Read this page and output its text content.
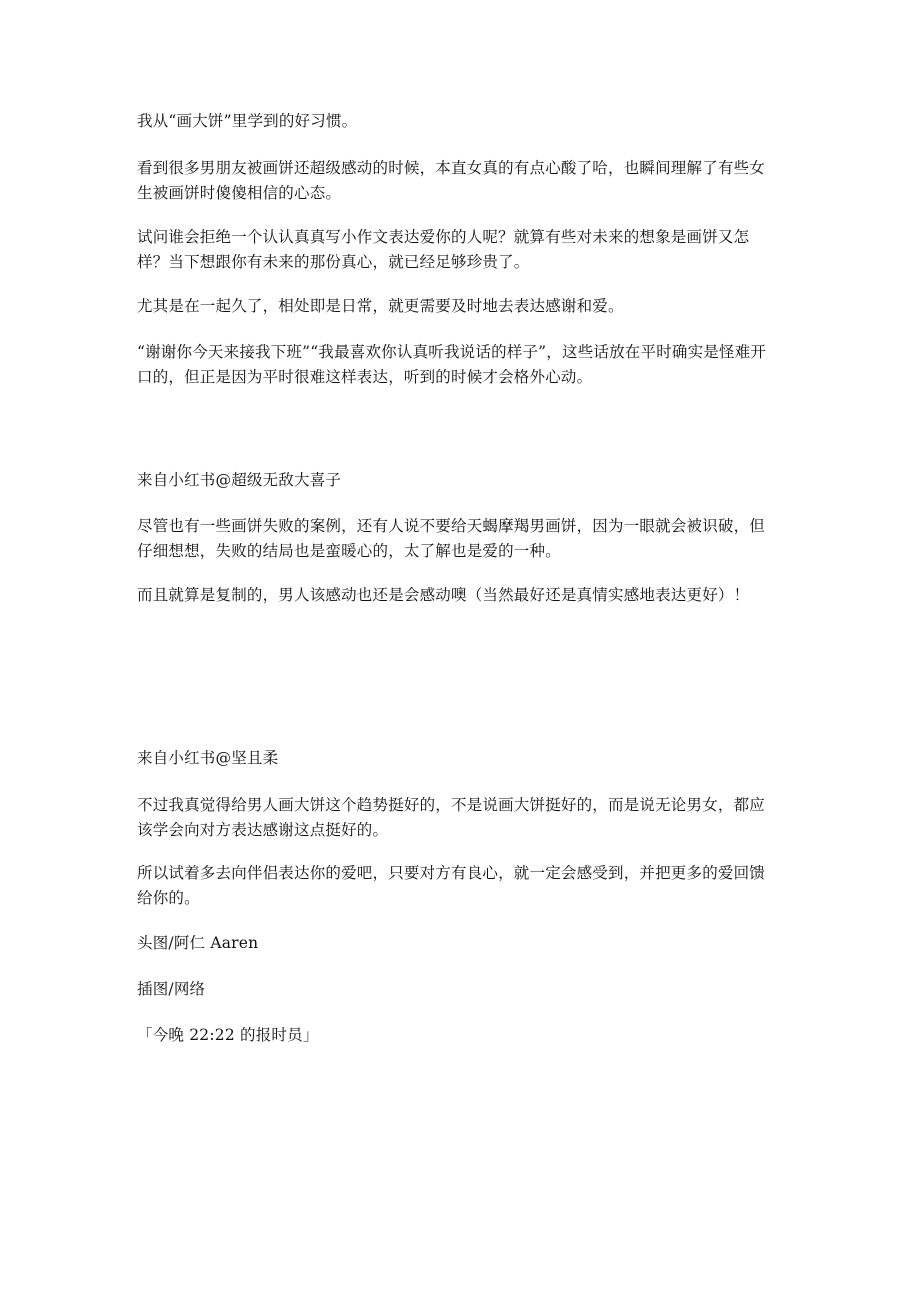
我从“画大饼”里学到的好习惯。

看到很多男朋友被画饼还超级感动的时候，本直女真的有点心酸了哈，也瞬间理解了有些女生被画饼时傻傻相信的心态。

试问谁会拒绝一个认认真真写小作文表达爱你的人呢？就算有些对未来的想象是画饼又怎样？当下想跟你有未来的那份真心，就已经足够珍贵了。

尤其是在一起久了，相处即是日常，就更需要及时地去表达感谢和爱。

“谢谢你今天来接我下班”“我最喜欢你认真听我说话的样子”，这些话放在平时确实是怪难开口的，但正是因为平时很难这样表达，听到的时候才会格外心动。

来自小红书@超级无敌大喜子

尽管也有一些画饼失败的案例，还有人说不要给天蝎摩羯男画饼，因为一眼就会被识破，但仔细想想，失败的结局也是蛮暖心的，太了解也是爱的一种。

而且就算是复制的，男人该感动也还是会感动噢（当然最好还是真情实感地表达更好）！

来自小红书@坚且柔

不过我真觉得给男人画大饼这个趋势挺好的，不是说画大饼挺好的，而是说无论男女，都应该学会向对方表达感谢这点挺好的。

所以试着多去向伴侣表达你的爱吧，只要对方有良心，就一定会感受到，并把更多的爱回馈给你的。

头图/阿仁 Aaren

插图/网络

「今晚 22:22 的报时员」
